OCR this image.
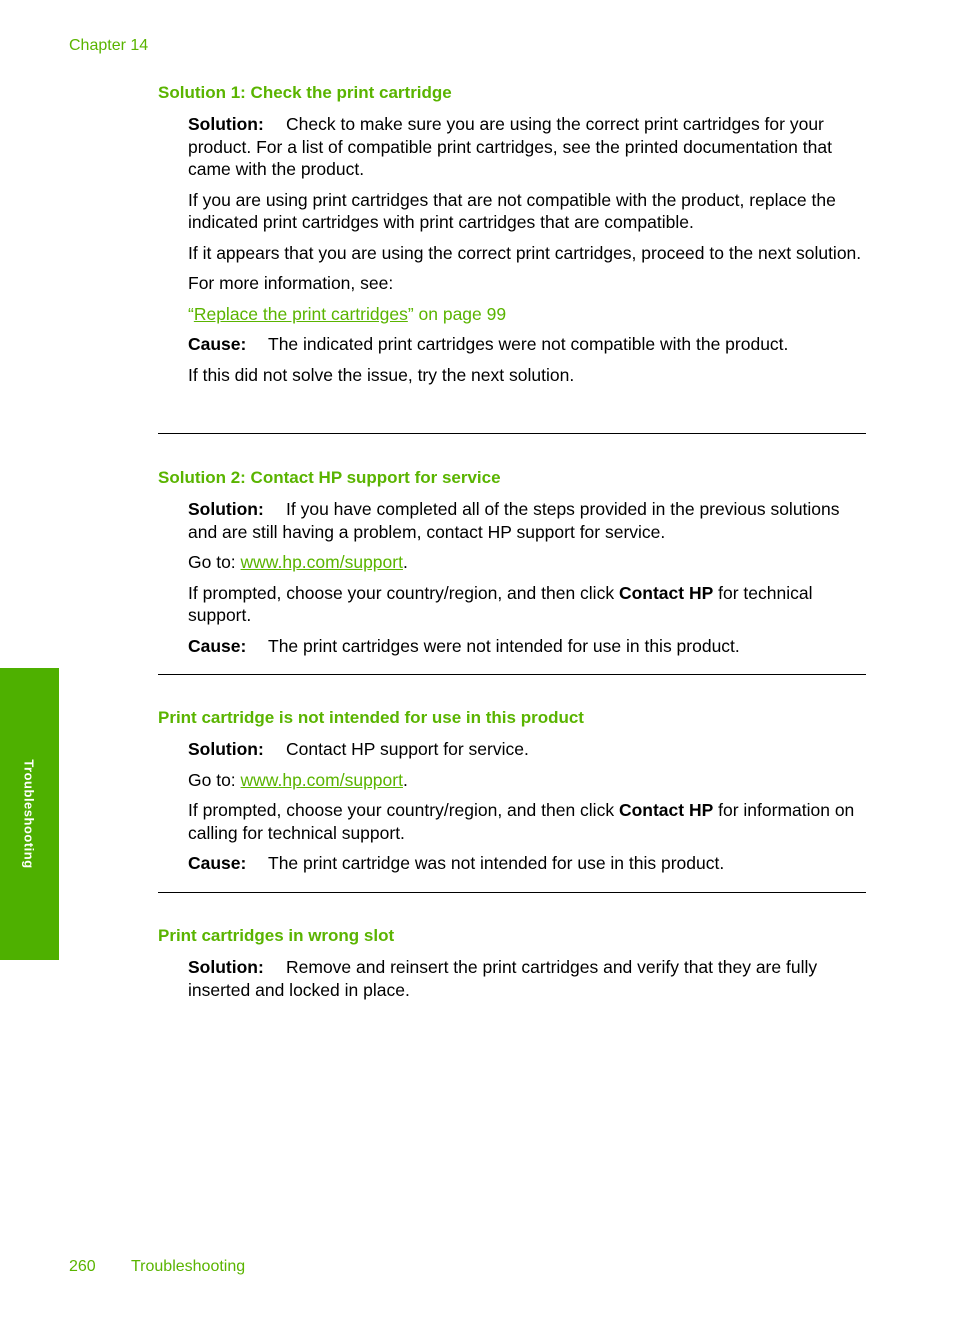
Chapter 14
Troubleshooting
Solution 1: Check the print cartridge

Solution: Check to make sure you are using the correct print cartridges for your product. For a list of compatible print cartridges, see the printed documentation that came with the product.

If you are using print cartridges that are not compatible with the product, replace the indicated print cartridges with print cartridges that are compatible.

If it appears that you are using the correct print cartridges, proceed to the next solution.

For more information, see:

“Replace the print cartridges” on page 99

Cause: The indicated print cartridges were not compatible with the product.

If this did not solve the issue, try the next solution.

Solution 2: Contact HP support for service

Solution: If you have completed all of the steps provided in the previous solutions and are still having a problem, contact HP support for service.

Go to: www.hp.com/support.

If prompted, choose your country/region, and then click Contact HP for technical support.

Cause: The print cartridges were not intended for use in this product.

Print cartridge is not intended for use in this product

Solution: Contact HP support for service.

Go to: www.hp.com/support.

If prompted, choose your country/region, and then click Contact HP for information on calling for technical support.

Cause: The print cartridge was not intended for use in this product.

Print cartridges in wrong slot

Solution: Remove and reinsert the print cartridges and verify that they are fully inserted and locked in place.

260 Troubleshooting
